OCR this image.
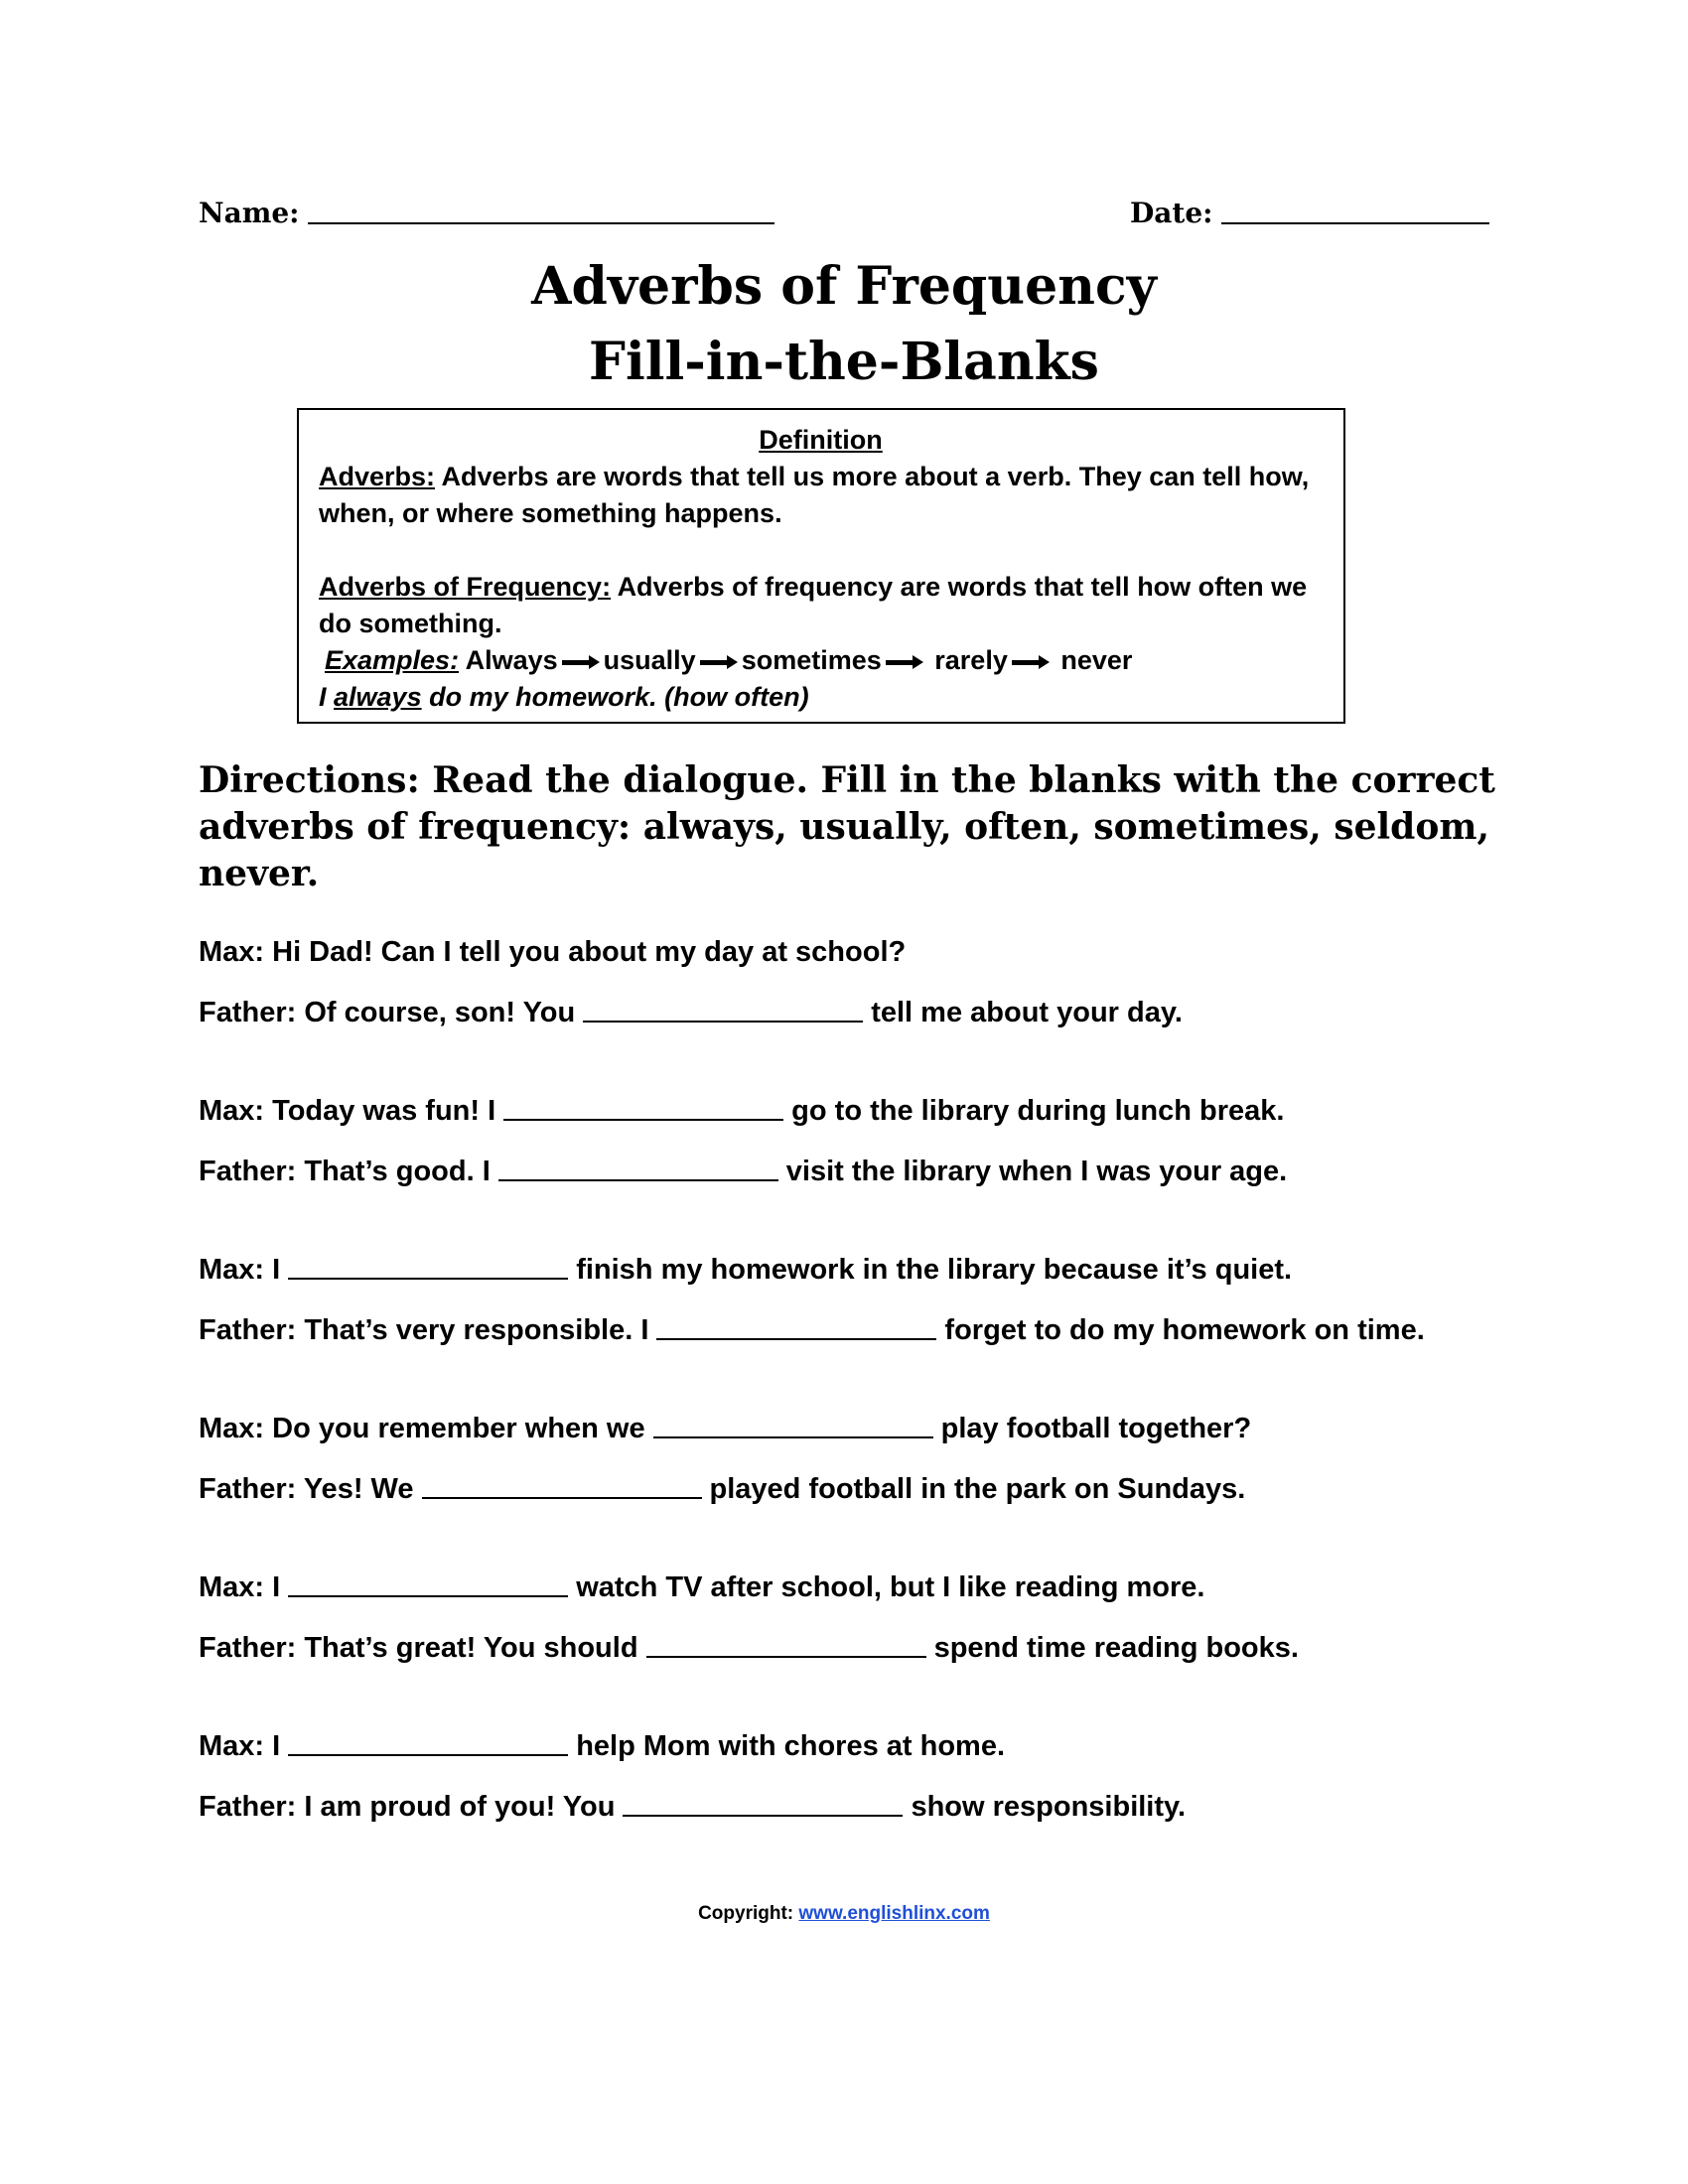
Name:	Date:
Adverbs of Frequency
Fill-in-the-Blanks
Definition
Adverbs: Adverbs are words that tell us more about a verb. They can tell how,
when, or where something happens.
Adverbs of Frequency: Adverbs of frequency are words that tell how often we
do something.
Examples: Always usually sometimes rarely never
I always do my homework. (how often)
Directions: Read the dialogue. Fill in the blanks with the correct adverbs of frequency: always, usually, often, sometimes, seldom, never.
Max: Hi Dad! Can I tell you about my day at school?
Father: Of course, son! You	tell me about your day.
Max: Today was fun! I	go to the library during lunch break.
Father: That’s good. I	visit the library when I was your age.
Max: I	finish my homework in the library because it’s quiet.
Father: That’s very responsible. I	forget to do my homework on time.
Max: Do you remember when we	play football together?
Father: Yes! We	played football in the park on Sundays.
Max: I	watch TV after school, but I like reading more.
Father: That’s great! You should	spend time reading books.
Max: I	help Mom with chores at home.
Father: I am proud of you! You	show responsibility.
Copyright: www.englishlinx.com
